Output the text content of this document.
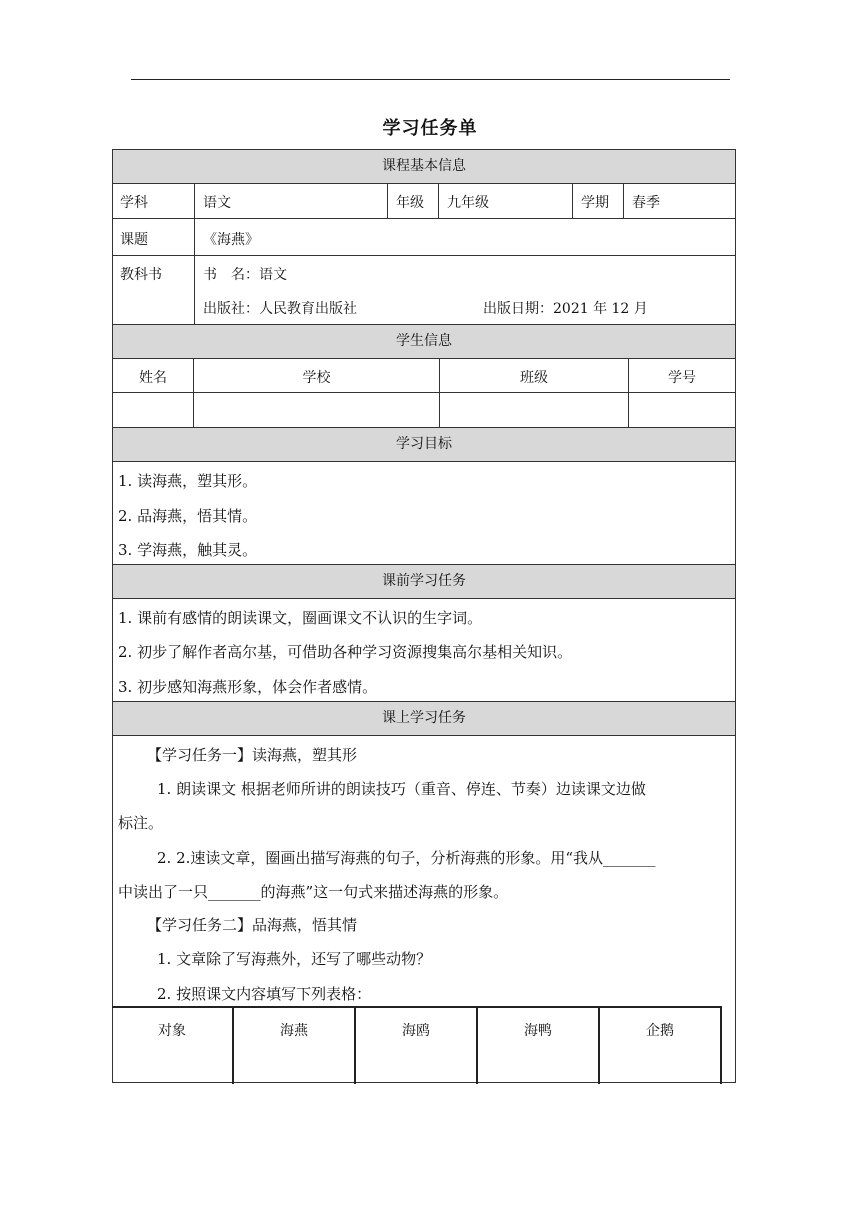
学习任务单
课程基本信息
学科	语文	年级 九年级	学期 春季
课题	《海燕》
教科书	书　名：语文
出版社：人民教育出版社	出版日期：2021 年 12 月
学生信息
姓名	学校	班级	学号
学习目标
1. 读海燕，塑其形。
2. 品海燕，悟其情。
3. 学海燕，触其灵。
课前学习任务
1. 课前有感情的朗读课文，圈画课文不认识的生字词。
2. 初步了解作者高尔基，可借助各种学习资源搜集高尔基相关知识。
3. 初步感知海燕形象，体会作者感情。
课上学习任务
【学习任务一】读海燕，塑其形
1. 朗读课文 根据老师所讲的朗读技巧（重音、停连、节奏）边读课文边做
标注。
2. 2.速读文章，圈画出描写海燕的句子，分析海燕的形象。用“我从_______
中读出了一只_______的海燕”这一句式来描述海燕的形象。
【学习任务二】品海燕，悟其情
1. 文章除了写海燕外，还写了哪些动物？
2. 按照课文内容填写下列表格：
对象	海燕	海鸥	海鸭	企鹅
